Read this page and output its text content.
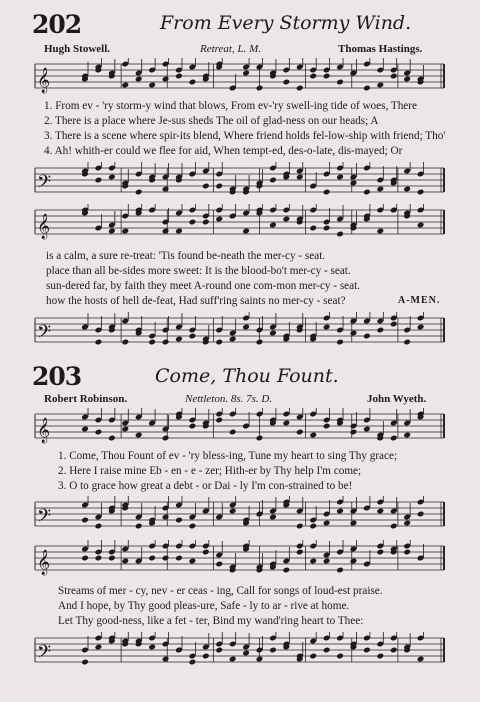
202	From Every Stormy Wind.
Hugh Stowell.	Retreat, L. M.	Thomas Hastings.
𝄞
1. From ev - 'ry storm-y wind that blows, From ev-'ry swell-ing tide of woes, There
2. There is a place where Je-sus sheds The oil of glad-ness on our heads; A
3. There is a scene where spir-its blend, Where friend holds fel-low-ship with friend; Tho'
4. Ah! whith-er could we flee for aid, When tempt-ed, des-o-late, dis-mayed; Or
𝄢
𝄞
is a calm, a sure re-treat: 'Tis found be-neath the mer-cy - seat.
place than all be-sides more sweet: It is the blood-bo't mer-cy - seat.
sun-dered far, by faith they meet A-round one com-mon mer-cy - seat.
how the hosts of hell de-feat, Had suff'ring saints no mer-cy - seat?	A-MEN.
𝄢
203	Come, Thou Fount.
Robert Robinson.	Nettleton. 8s. 7s. D.	John Wyeth.
𝄞
1. Come, Thou Fount of ev - 'ry bless-ing, Tune my heart to sing Thy grace;
2. Here I raise mine Eb - en - e - zer; Hith-er by Thy help I'm come;
3. O to grace how great a debt - or Dai - ly I'm con-strained to be!
𝄢
𝄞
Streams of mer - cy, nev - er ceas - ing, Call for songs of loud-est praise.
And I hope, by Thy good pleas-ure, Safe - ly to ar - rive at home.
Let Thy good-ness, like a fet - ter, Bind my wand'ring heart to Thee:
𝄢
